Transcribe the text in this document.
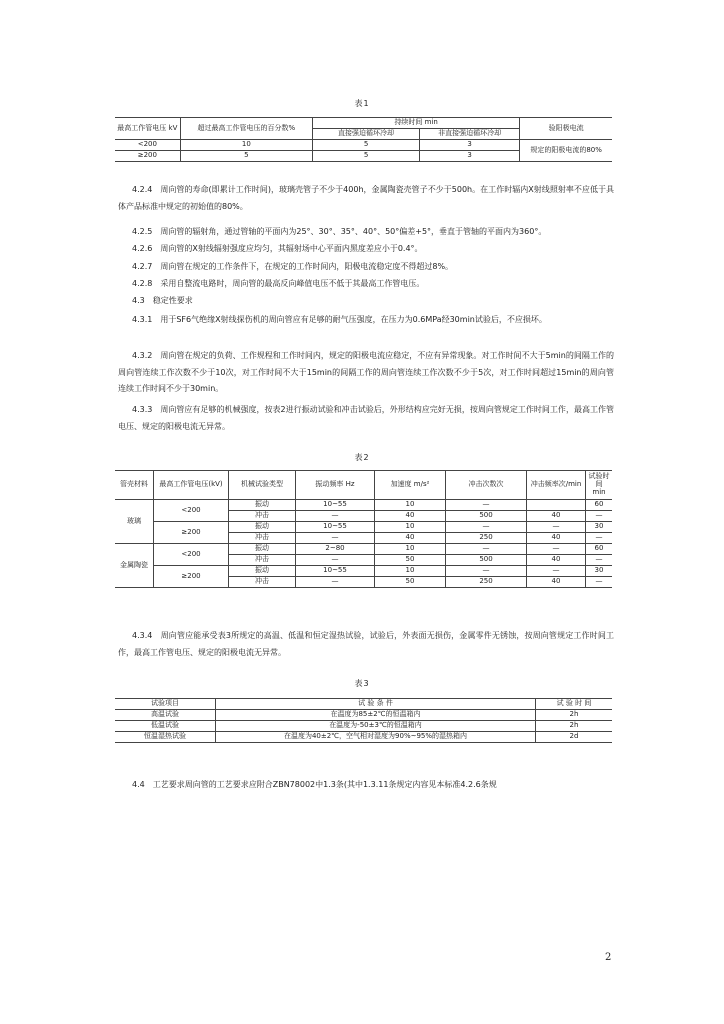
表1
最高工作管电压 kV	超过最高工作管电压的百分数%	持续时间 min		验阳极电流
		直接强迫循环冷却	非直接强迫循环冷却	
<200	10	5	3	规定的阳极电流的80%
≥200	5	5	3	
4.2.4　周向管的寿命(即累计工作时间)，玻璃壳管子不少于400h，金属陶瓷壳管子不少于500h。在工作时辐内X射线照射率不应低于具体产品标准中规定的初始值的80%。
4.2.5　周向管的辐射角，通过管轴的平面内为25°、30°、35°、40°、50°偏差+5°，垂直于管轴的平面内为360°。
4.2.6　周向管的X射线辐射强度应均匀，其辐射场中心平面内黑度差应小于0.4°。
4.2.7　周向管在规定的工作条件下，在规定的工作时间内，阳极电流稳定度不得超过8%。
4.2.8　采用自整流电路时，周向管的最高反向峰值电压不低于其最高工作管电压。
4.3　稳定性要求
4.3.1　用于SF6气绝缘X射线探伤机的周向管应有足够的耐气压强度，在压力为0.6MPa经30min试验后，不应损坏。
4.3.2　周向管在规定的负荷、工作规程和工作时间内，规定的阳极电流应稳定，不应有异常现象。对工作时间不大于5min的间隔工作的周向管连续工作次数不少于10次，对工作时间不大于15min的间隔工作的周向管连续工作次数不少于5次，对工作时间超过15min的周向管连续工作时间不少于30min。
4.3.3　周向管应有足够的机械强度，按表2进行振动试验和冲击试验后，外形结构应完好无损，按周向管规定工作时间工作，最高工作管电压、规定的阳极电流无异常。
表2
管壳材料	最高工作管电压(kV)	机械试验类型	振动频率 Hz	加速度 m/s²	冲击次数次	冲击频率次/min	试验时间 min
玻璃	<200	振动	10~55	10	—		60
		冲击	—	40	500	40	—
	≥200	振动	10~55	10	—	—	30
		冲击	—	40	250	40	—
金属陶瓷	<200	振动	2~80	10	—	—	60
		冲击	—	50	500	40	—
	≥200	振动	10~55	10	—	—	30
		冲击	—	50	250	40	—
4.3.4　周向管应能承受表3所规定的高温、低温和恒定湿热试验，试验后，外表面无损伤，金属零件无锈蚀，按周向管规定工作时间工作，最高工作管电压、规定的阳极电流无异常。
表3
试验项目	试 验 条 件	试 验 时 间
高温试验	在温度为85±2℃的恒温箱内	2h
低温试验	在温度为-50±3℃的恒温箱内	2h
恒温湿热试验	在温度为40±2℃，空气相对湿度为90%~95%的湿热箱内	2d
4.4　工艺要求周向管的工艺要求应附合ZBN78002中1.3条(其中1.3.11条规定内容见本标准4.2.6条规
2
